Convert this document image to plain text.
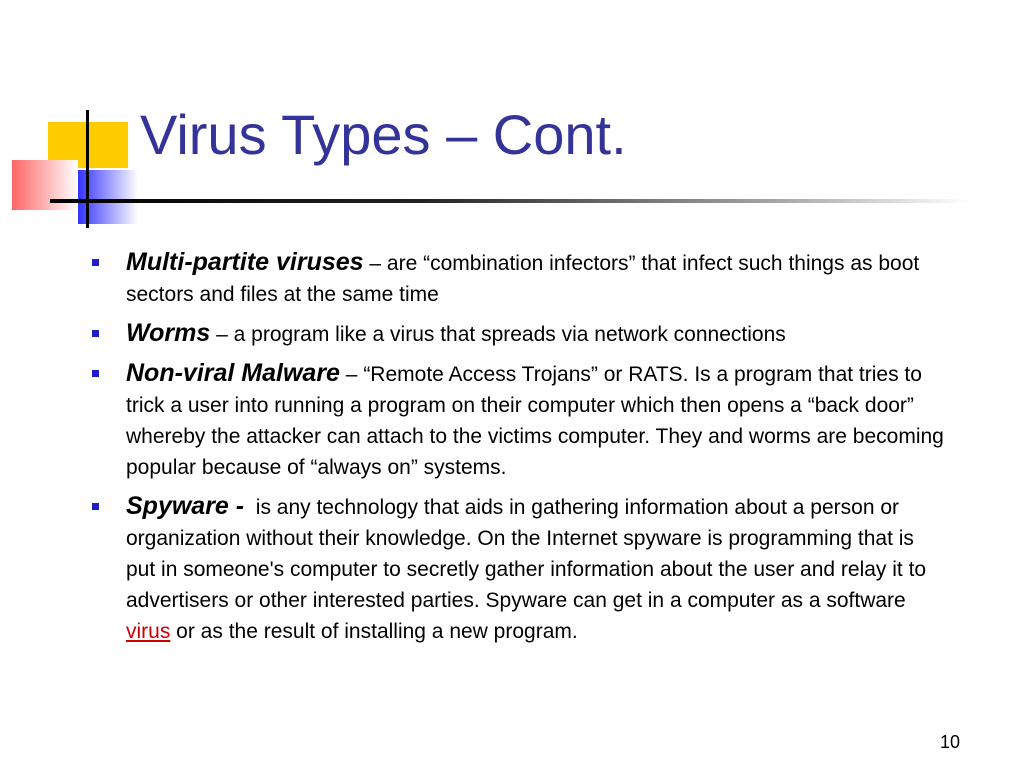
Virus Types – Cont.
Multi-partite viruses – are “combination infectors” that infect such things as boot sectors and files at the same time
Worms – a program like a virus that spreads via network connections
Non-viral Malware – “Remote Access Trojans” or RATS. Is a program that tries to trick a user into running a program on their computer which then opens a “back door” whereby the attacker can attach to the victims computer. They and worms are becoming popular because of “always on” systems.
Spyware - is any technology that aids in gathering information about a person or organization without their knowledge. On the Internet spyware is programming that is put in someone's computer to secretly gather information about the user and relay it to advertisers or other interested parties. Spyware can get in a computer as a software virus or as the result of installing a new program.
10
